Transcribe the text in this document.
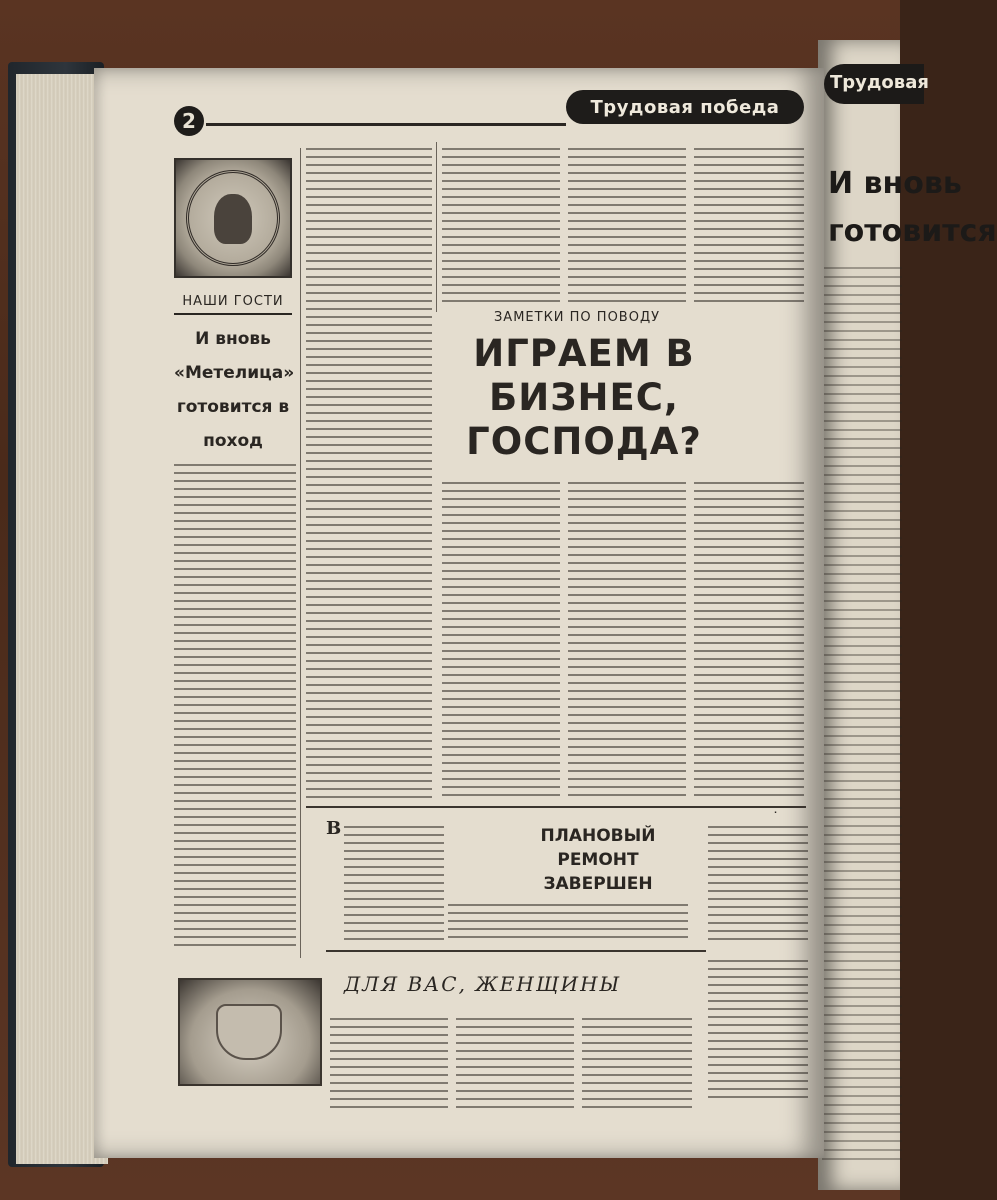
Трудовая
И вновь готовится
2
Трудовая победа
НАШИ ГОСТИ
И вновь «Метелица» готовится в поход
ЗАМЕТКИ ПО ПОВОДУ
ИГРАЕМ В БИЗНЕС, ГОСПОДА?
·
В	ПЛАНОВЫЙ РЕМОНТ ЗАВЕРШЕН
ДЛЯ ВАС, ЖЕНЩИНЫ
